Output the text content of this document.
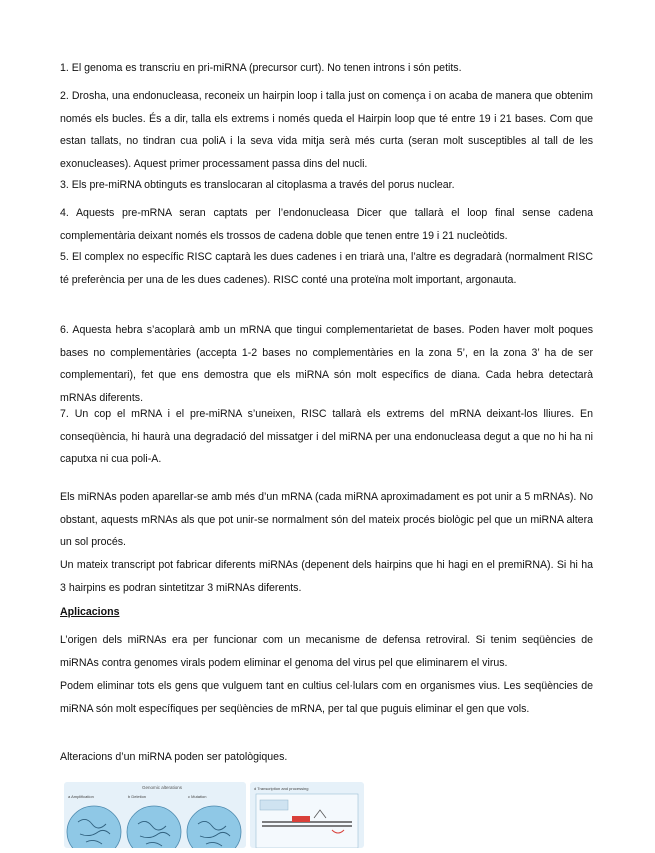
1. El genoma es transcriu en pri-miRNA (precursor curt). No tenen introns i són petits.

2. Drosha, una endonucleasa, reconeix un hairpin loop i talla just on comença i on acaba de manera que obtenim només els bucles. És a dir, talla els extrems i només queda el Hairpin loop que té entre 19 i 21 bases. Com que estan tallats, no tindran cua poliA i la seva vida mitja serà més curta (seran molt susceptibles al tall de les exonucleases). Aquest primer processament passa dins del nucli.

3. Els pre-miRNA obtinguts es translocaran al citoplasma a través del porus nuclear.

4. Aquests pre-mRNA seran captats per l’endonucleasa Dicer que tallarà el loop final sense cadena complementària deixant només els trossos de cadena doble que tenen entre 19 i 21 nucleòtids.

5. El complex no específic RISC captarà les dues cadenes i en triarà una, l’altre es degradarà (normalment RISC té preferència per una de les dues cadenes). RISC conté una proteïna molt important, argonauta.

6. Aquesta hebra s’acoplarà amb un mRNA que tingui complementarietat de bases. Poden haver molt poques bases no complementàries (accepta 1-2 bases no complementàries en la zona 5’, en la zona 3’ ha de ser complementari), fet que ens demostra que els miRNA són molt específics de diana. Cada hebra detectarà mRNAs diferents.

7. Un cop el mRNA i el pre-miRNA s’uneixen, RISC tallarà els extrems del mRNA deixant-los lliures. En conseqüència, hi haurà una degradació del missatger i del miRNA per una endonucleasa degut a que no hi ha ni caputxa ni cua poli-A.

Els miRNAs poden aparellar-se amb més d’un mRNA (cada miRNA aproximadament es pot unir a 5 mRNAs). No obstant, aquests mRNAs als que pot unir-se normalment són del mateix procés biològic pel que un miRNA altera un sol procés.

Un mateix transcript pot fabricar diferents miRNAs (depenent dels hairpins que hi hagi en el premiRNA). Si hi ha 3 hairpins es podran sintetitzar 3 miRNAs diferents.

Aplicacions

L’origen dels miRNAs era per funcionar com un mecanisme de defensa retroviral. Si tenim seqüències de miRNAs contra genomes virals podem eliminar el genoma del virus pel que eliminarem el virus.

Podem eliminar tots els gens que vulguem tant en cultius cel·lulars com en organismes vius. Les seqüències de miRNA són molt específiques per seqüències de mRNA, per tal que puguis eliminar el gen que vols.

Alteracions d’un miRNA poden ser patològiques.

Genomic alterations
a Amplification	b Deletion	c Mutation
d Transcription and processing
